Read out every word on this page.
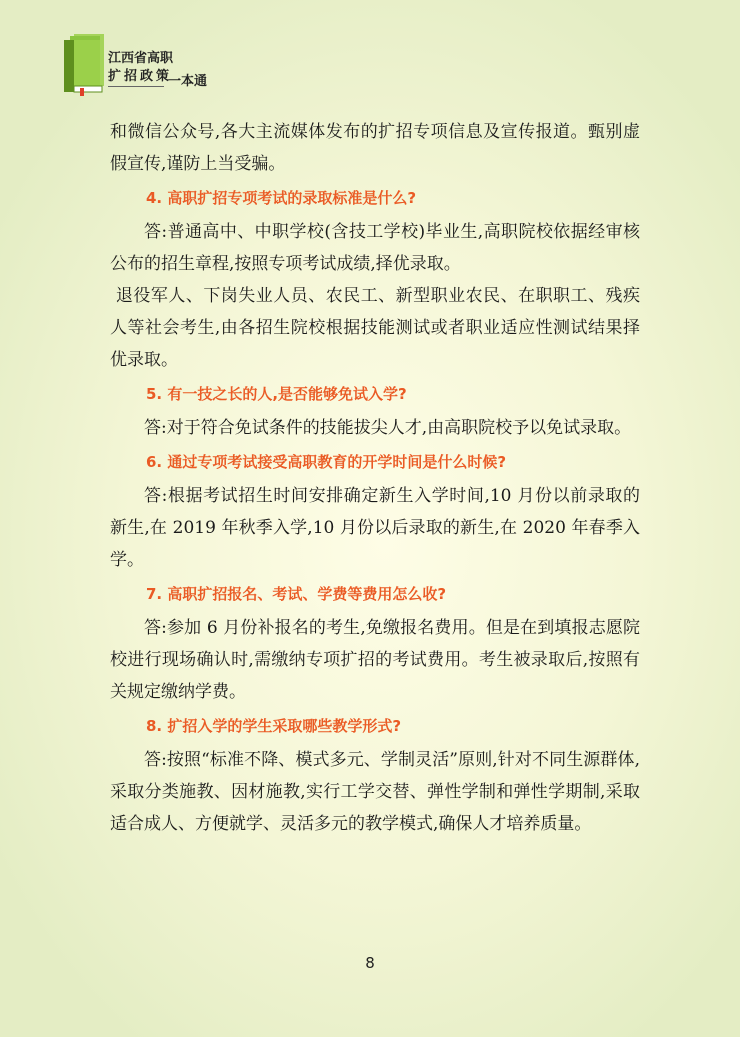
江西省高职
扩招政策
一本通

和微信公众号,各大主流媒体发布的扩招专项信息及宣传报道。甄别虚假宣传,谨防上当受骗。

4. 高职扩招专项考试的录取标准是什么?

答:普通高中、中职学校(含技工学校)毕业生,高职院校依据经审核公布的招生章程,按照专项考试成绩,择优录取。

退役军人、下岗失业人员、农民工、新型职业农民、在职职工、残疾人等社会考生,由各招生院校根据技能测试或者职业适应性测试结果择优录取。

5. 有一技之长的人,是否能够免试入学?

答:对于符合免试条件的技能拔尖人才,由高职院校予以免试录取。

6. 通过专项考试接受高职教育的开学时间是什么时候?

答:根据考试招生时间安排确定新生入学时间,10 月份以前录取的新生,在 2019 年秋季入学,10 月份以后录取的新生,在 2020 年春季入学。

7. 高职扩招报名、考试、学费等费用怎么收?

答:参加 6 月份补报名的考生,免缴报名费用。但是在到填报志愿院校进行现场确认时,需缴纳专项扩招的考试费用。考生被录取后,按照有关规定缴纳学费。

8. 扩招入学的学生采取哪些教学形式?

答:按照“标准不降、模式多元、学制灵活”原则,针对不同生源群体,采取分类施教、因材施教,实行工学交替、弹性学制和弹性学期制,采取适合成人、方便就学、灵活多元的教学模式,确保人才培养质量。

8
